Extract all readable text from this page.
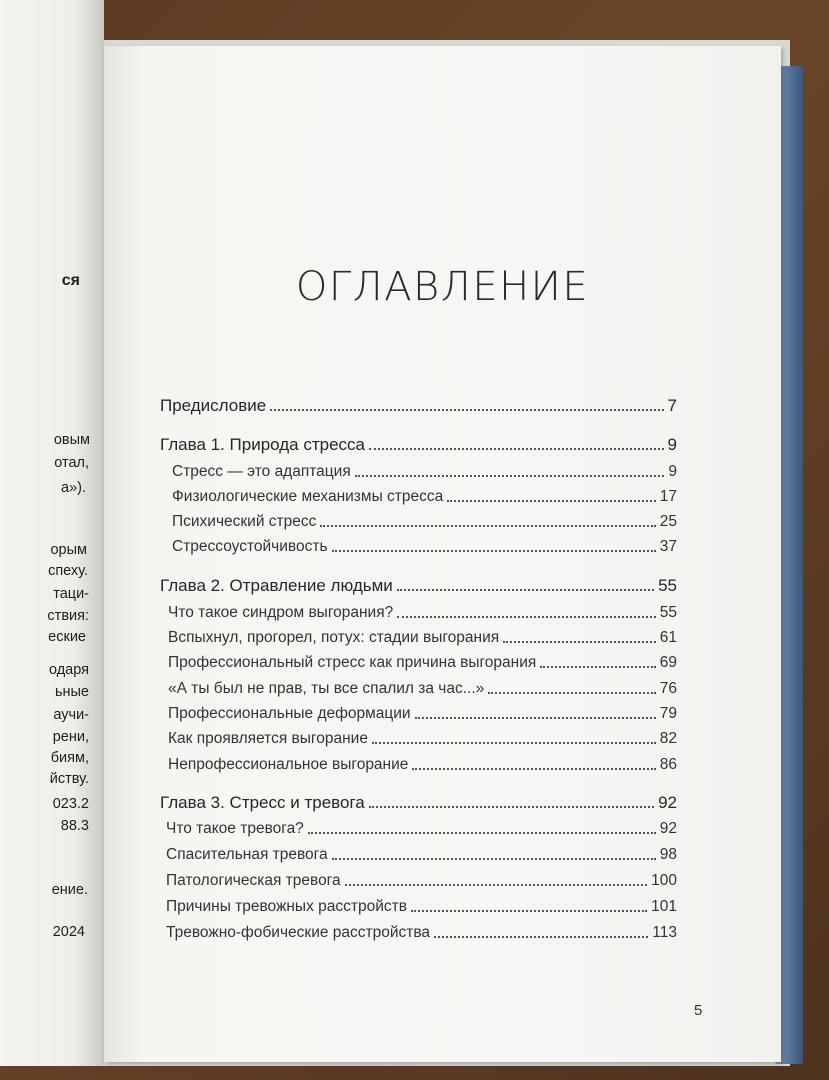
ся
овым
отал,
а»).
орым
спеху.
таци-
ствия:
еские
одаря
ьные
аучи-
рени,
биям,
йству.
023.2
88.3
ение.
2024
ОГЛАВЛЕНИЕ
Предисловие	7
Глава 1. Природа стресса	9
Стресс — это адаптация	9
Физиологические механизмы стресса	17
Психический стресс	25
Стрессоустойчивость	37
Глава 2. Отравление людьми	55
Что такое синдром выгорания?	55
Вспыхнул, прогорел, потух: стадии выгорания	61
Профессиональный стресс как причина выгорания	69
«А ты был не прав, ты все спалил за час...»	76
Профессиональные деформации	79
Как проявляется выгорание	82
Непрофессиональное выгорание	86
Глава 3. Стресс и тревога	92
Что такое тревога?	92
Спасительная тревога	98
Патологическая тревога	100
Причины тревожных расстройств	101
Тревожно-фобические расстройства	113
5
